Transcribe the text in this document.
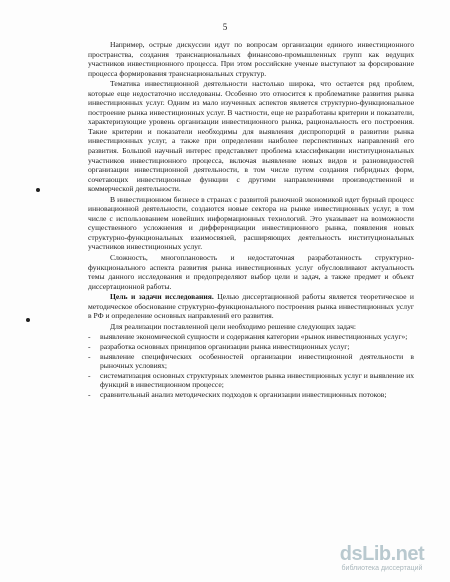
5

Например, острые дискуссии идут по вопросам организации единого инвестиционного пространства, создания транснациональных финансово-промышленных групп как ведущих участников инвестиционного процесса. При этом российские ученые выступают за форсирование процесса формирования транснациональных структур.

Тематика инвестиционной деятельности настолько широка, что остается ряд проблем, которые еще недостаточно исследованы. Особенно это относится к проблематике развития рынка инвестиционных услуг. Одним из мало изученных аспектов является структурно-функциональное построение рынка инвестиционных услуг. В частности, еще не разработаны критерии и показатели, характеризующие уровень организации инвестиционного рынка, рациональность его построения. Такие критерии и показатели необходимы для выявления диспропорций в развитии рынка инвестиционных услуг, а также при определении наиболее перспективных направлений его развития. Большой научный интерес представляет проблема классификации институциональных участников инвестиционного процесса, включая выявление новых видов и разновидностей организации инвестиционной деятельности, в том числе путем создания гибридных форм, сочетающих инвестиционные функции с другими направлениями производственной и коммерческой деятельности.

В инвестиционном бизнесе в странах с развитой рыночной экономикой идет бурный процесс инновационной деятельности, создаются новые сектора на рынке инвестиционных услуг, в том числе с использованием новейших информационных технологий. Это указывает на возможности существенного усложнения и дифференциации инвестиционного рынка, появления новых структурно-функциональных взаимосвязей, расширяющих деятельность институциональных участников инвестиционных услуг.

Сложность, многоплановость и недостаточная разработанность структурно-функционального аспекта развития рынка инвестиционных услуг обусловливают актуальность темы данного исследования и предопределяют выбор цели и задач, а также предмет и объект диссертационной работы.

Цель и задачи исследования. Целью диссертационной работы является теоретическое и методическое обоснование структурно-функционального построения рынка инвестиционных услуг в РФ и определение основных направлений его развития.

Для реализации поставленной цели необходимо решение следующих задач:

- выявление экономической сущности и содержания категории «рынок инвестиционных услуг»;
- разработка основных принципов организации рынка инвестиционных услуг;
- выявление специфических особенностей организации инвестиционной деятельности в рыночных условиях;
- систематизация основных структурных элементов рынка инвестиционных услуг и выявление их функций в инвестиционном процессе;
- сравнительный анализ методических подходов к организации инвестиционных потоков;
dsLib.net
библиотека диссертаций
